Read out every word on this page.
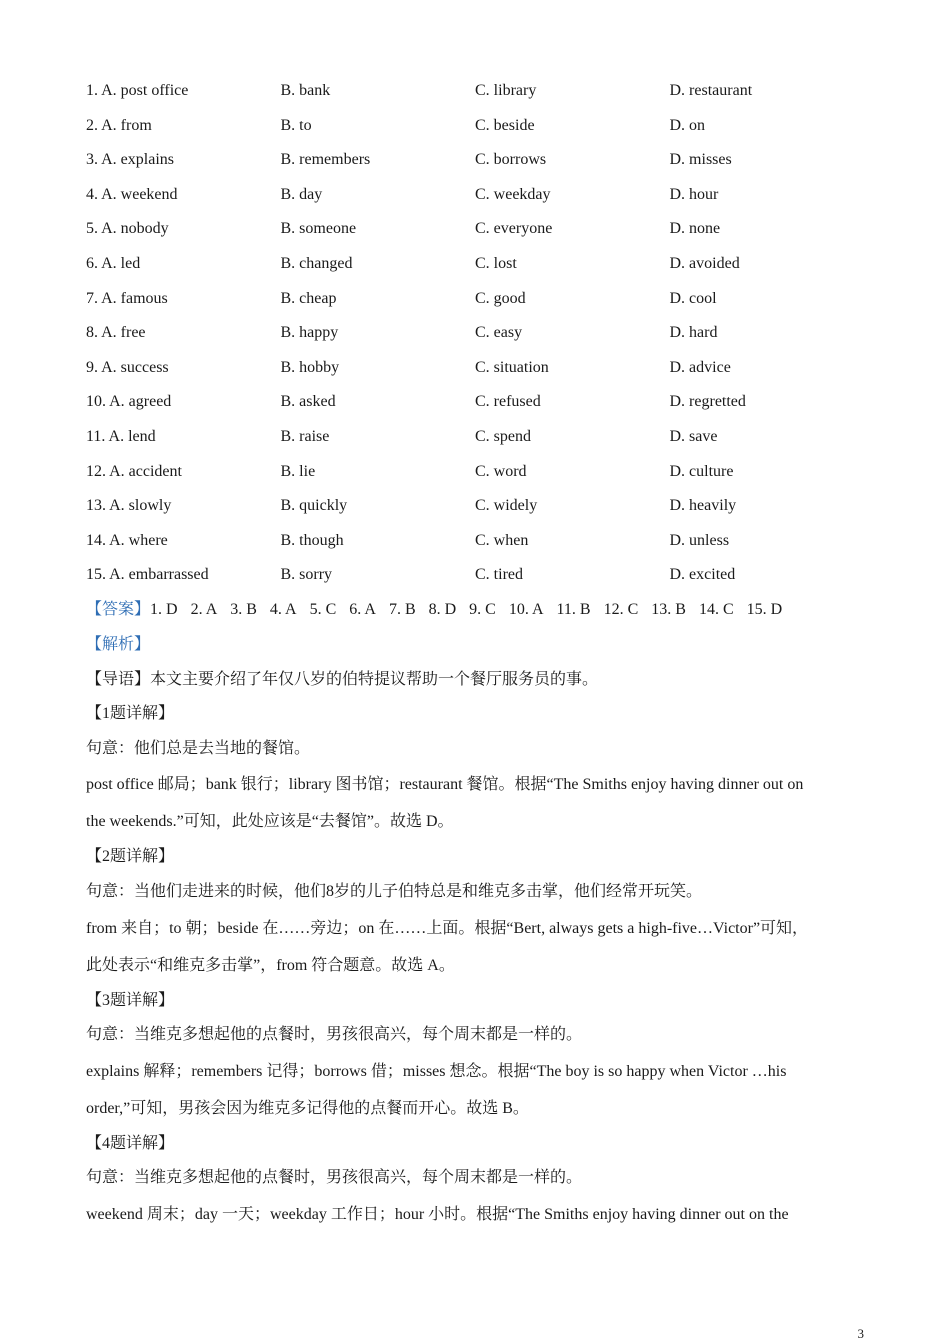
1. A. post office	B. bank	C. library	D. restaurant
2. A. from	B. to	C. beside	D. on
3. A. explains	B. remembers	C. borrows	D. misses
4. A. weekend	B. day	C. weekday	D. hour
5. A. nobody	B. someone	C. everyone	D. none
6. A. led	B. changed	C. lost	D. avoided
7. A. famous	B. cheap	C. good	D. cool
8. A. free	B. happy	C. easy	D. hard
9. A. success	B. hobby	C. situation	D. advice
10. A. agreed	B. asked	C. refused	D. regretted
11. A. lend	B. raise	C. spend	D. save
12. A. accident	B. lie	C. word	D. culture
13. A. slowly	B. quickly	C. widely	D. heavily
14. A. where	B. though	C. when	D. unless
15. A. embarrassed	B. sorry	C. tired	D. excited
【答案】1. D 2. A 3. B 4. A 5. C 6. A 7. B 8. D 9. C 10. A 11. B 12. C 13. B 14. C 15. D
【解析】
【导语】本文主要介绍了年仅八岁的伯特提议帮助一个餐厅服务员的事。
【1题详解】
句意：他们总是去当地的餐馆。
post office 邮局；bank 银行；library 图书馆；restaurant 餐馆。根据“The Smiths enjoy having dinner out on
the weekends.”可知，此处应该是“去餐馆”。故选 D。
【2题详解】
句意：当他们走进来的时候，他们8岁的儿子伯特总是和维克多击掌，他们经常开玩笑。
from 来自；to 朝；beside 在……旁边；on 在……上面。根据“Bert, always gets a high-five…Victor”可知，
此处表示“和维克多击掌”，from 符合题意。故选 A。
【3题详解】
句意：当维克多想起他的点餐时，男孩很高兴，每个周末都是一样的。
explains 解释；remembers 记得；borrows 借；misses 想念。根据“The boy is so happy when Victor …his
order,”可知，男孩会因为维克多记得他的点餐而开心。故选 B。
【4题详解】
句意：当维克多想起他的点餐时，男孩很高兴，每个周末都是一样的。
weekend 周末；day 一天；weekday 工作日；hour 小时。根据“The Smiths enjoy having dinner out on the
3
